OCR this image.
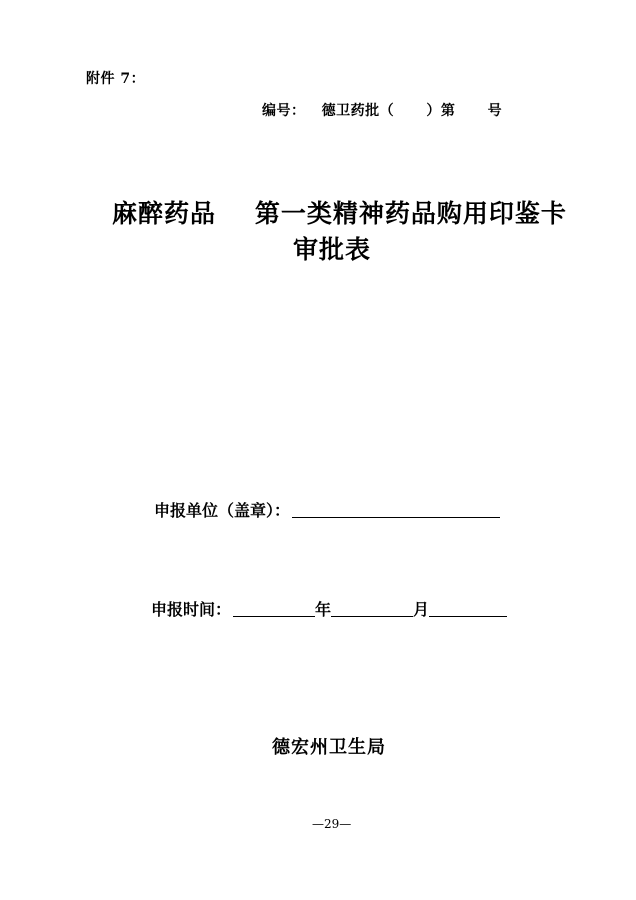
附件 7：
编号：   德卫药批（      ）第      号
麻醉药品    第一类精神药品购用印鉴卡
审批表
申报单位（盖章）：
申报时间：	年	月
德宏州卫生局
—29—
